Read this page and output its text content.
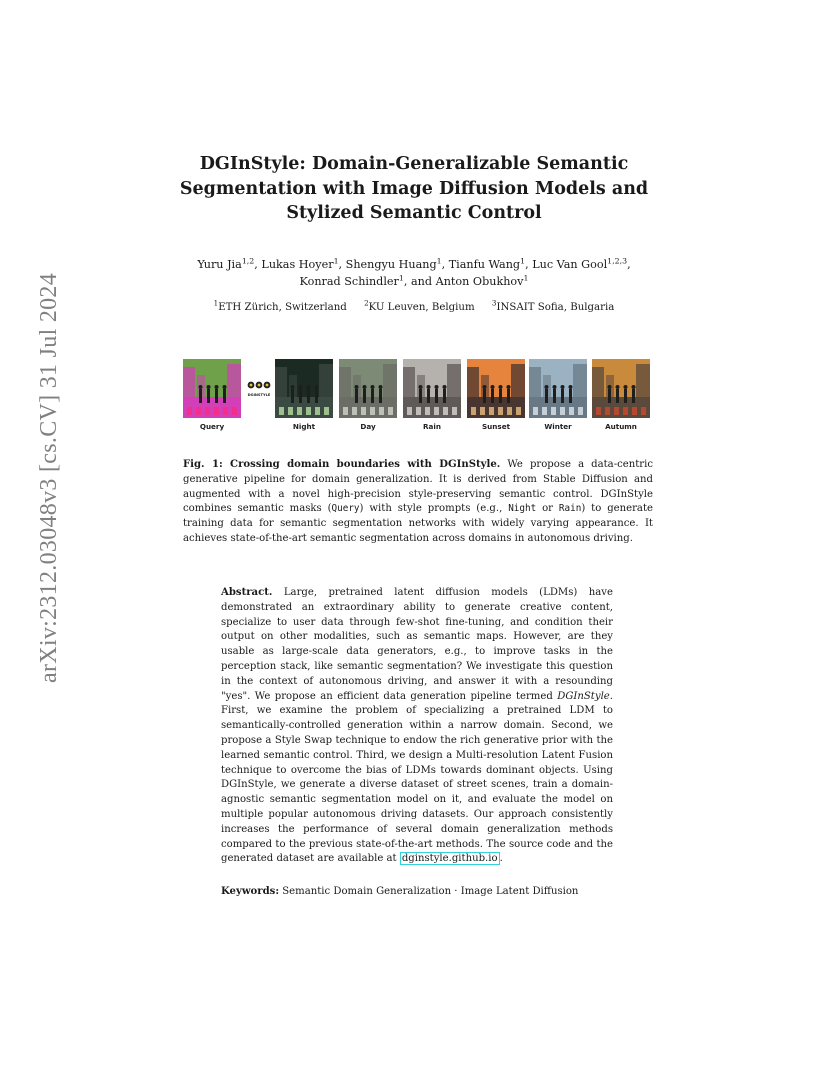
arXiv:2312.03048v3 [cs.CV] 31 Jul 2024
DGInStyle: Domain-Generalizable Semantic
Segmentation with Image Diffusion Models and
Stylized Semantic Control
Yuru Jia$^{1,2}$, Lukas Hoyer$^1$, Shengyu Huang$^1$, Tianfu Wang$^1$, Luc Van Gool$^{1,2,3}$,
Konrad Schindler$^1$, and Anton Obukhov$^1$
$^1$ETH Zürich, Switzerland $^2$KU Leuven, Belgium $^3$INSAIT Sofia, Bulgaria
DGINSTYLE
Query	Night	Day	Rain	Sunset	Winter	Autumn
Fig. 1: Crossing domain boundaries with DGInStyle. We propose a data-centric generative pipeline for domain generalization. It is derived from Stable Diffusion and augmented with a novel high-precision style-preserving semantic control. DGInStyle combines semantic masks (Query) with style prompts (e.g., Night or Rain) to generate training data for semantic segmentation networks with widely varying appearance. It achieves state-of-the-art semantic segmentation across domains in autonomous driving.
Abstract. Large, pretrained latent diffusion models (LDMs) have demonstrated an extraordinary ability to generate creative content, specialize to user data through few-shot fine-tuning, and condition their output on other modalities, such as semantic maps. However, are they usable as large-scale data generators, e.g., to improve tasks in the perception stack, like semantic segmentation? We investigate this question in the context of autonomous driving, and answer it with a resounding "yes". We propose an efficient data generation pipeline termed DGInStyle. First, we examine the problem of specializing a pretrained LDM to semantically-controlled generation within a narrow domain. Second, we propose a Style Swap technique to endow the rich generative prior with the learned semantic control. Third, we design a Multi-resolution Latent Fusion technique to overcome the bias of LDMs towards dominant objects. Using DGInStyle, we generate a diverse dataset of street scenes, train a domain-agnostic semantic segmentation model on it, and evaluate the model on multiple popular autonomous driving datasets. Our approach consistently increases the performance of several domain generalization methods compared to the previous state-of-the-art methods. The source code and the generated dataset are available at dginstyle.github.io .
Keywords: Semantic Domain Generalization · Image Latent Diffusion
